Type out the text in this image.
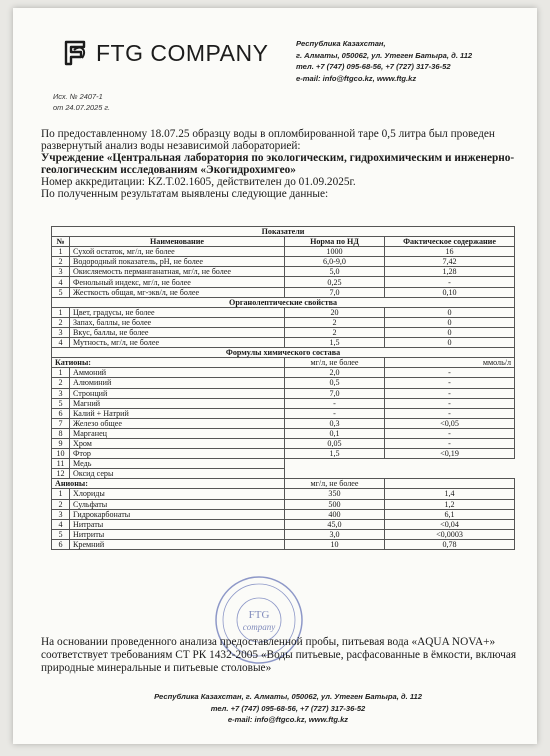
FTG COMPANY	Республика Казахстан,
г. Алматы, 050062, ул. Утеген Батыра, д. 112
тел. +7 (747) 095-68-56, +7 (727) 317-36-52
e-mail: info@ftgco.kz, www.ftg.kz
Исх. № 2407-1
от 24.07.2025 г.
По предоставленному 18.07.25 образцу воды в опломбированной таре 0,5 литра был проведен развернутый анализ воды независимой лабораторией:
Учреждение «Центральная лаборатория по экологическим, гидрохимическим и инженерно-геологическим исследованиям «Экогидрохимгео»
Номер аккредитации: KZ.T.02.1605, действителен до 01.09.2025г.
По полученным результатам выявлены следующие данные:
Показатели			
№	Наименование	Норма по НД	Фактическое содержание
1	Сухой остаток, мг/л, не более	1000	16
2	Водородный показатель, pH, не более	6,0-9,0	7,42
3	Окисляемость перманганатная, мг/л, не более	5,0	1,28
4	Фенольный индекс, мг/л, не более	0,25	-
5	Жесткость общая, мг-экв/л, не более	7,0	0,10
Органолептические свойства			
1	Цвет, градусы, не более	20	0
2	Запах, баллы, не более	2	0
3	Вкус, баллы, не более	2	0
4	Мутность, мг/л, не более	1,5	0
Формулы химического состава			
Катионы:		мг/л, не более	ммоль/л
1	Аммоний	2,0	-
2	Алюминий	0,5	-
3	Стронций	7,0	-
5	Магний	-	-
6	Калий + Натрий	-	-
7	Железо общее	0,3	<0,05
8	Марганец	0,1	-
9	Хром	0,05	-
10	Фтор	1,5	<0,19
11	Медь	
12	Оксид серы	
Анионы:		мг/л, не более	
1	Хлориды	350	1,4
2	Сульфаты	500	1,2
3	Гидрокарбонаты	400	6,1
4	Нитраты	45,0	<0,04
5	Нитриты	3,0	<0,0003
6	Кремний	10	0,78
FTG
company
На основании проведенного анализа предоставленной пробы, питьевая вода «AQUA NOVA+» соответствует требованиям СТ РК 1432-2005 «Воды питьевые, расфасованные в ёмкости, включая природные минеральные и питьевые столовые»
Республика Казахстан, г. Алматы, 050062, ул. Утеген Батыра, д. 112
тел. +7 (747) 095-68-56, +7 (727) 317-36-52
e-mail: info@ftgco.kz, www.ftg.kz
